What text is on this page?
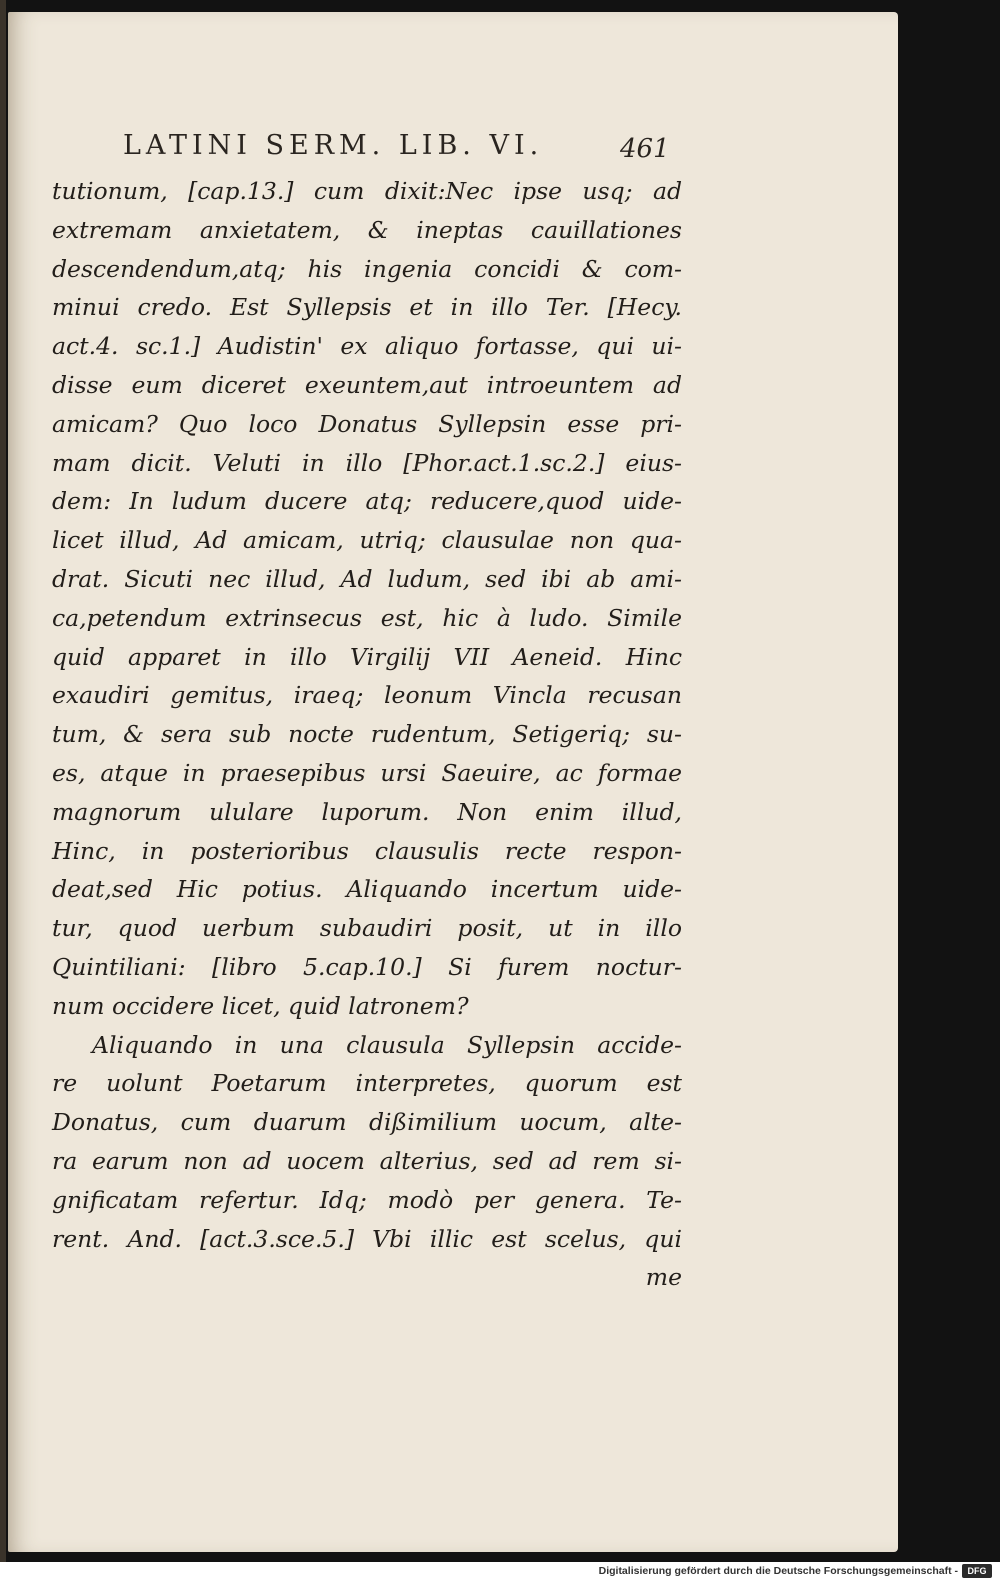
LATINI SERM. LIB. VI.	461
tutionum, [cap.13.] cum dixit:Nec ipse usq; ad
extremam anxietatem, & ineptas cauillationes
descendendum,atq; his ingenia concidi & com-
minui credo. Est Syllepsis et in illo Ter. [Hecy.
act.4. sc.1.] Audistin' ex aliquo fortasse, qui ui-
disse eum diceret exeuntem,aut introeuntem ad
amicam? Quo loco Donatus Syllepsin esse pri-
mam dicit. Veluti in illo [Phor.act.1.sc.2.] eius-
dem: In ludum ducere atq; reducere,quod uide-
licet illud, Ad amicam, utriq; clausulae non qua-
drat. Sicuti nec illud, Ad ludum, sed ibi ab ami-
ca,petendum extrinsecus est, hic à ludo. Simile
quid apparet in illo Virgilij VII Aeneid. Hinc
exaudiri gemitus, iraeq; leonum Vincla recusan
tum, & sera sub nocte rudentum, Setigeriq; su-
es, atque in praesepibus ursi Saeuire, ac formae
magnorum ululare luporum. Non enim illud,
Hinc, in posterioribus clausulis recte respon-
deat,sed Hic potius. Aliquando incertum uide-
tur, quod uerbum subaudiri posit, ut in illo
Quintiliani: [libro 5.cap.10.] Si furem noctur-
num occidere licet, quid latronem?
Aliquando in una clausula Syllepsin accide-
re uolunt Poetarum interpretes, quorum est
Donatus, cum duarum dißimilium uocum, alte-
ra earum non ad uocem alterius, sed ad rem si-
gnificatam refertur. Idq; modò per genera. Te-
rent. And. [act.3.sce.5.] Vbi illic est scelus, qui
me
Digitalisierung gefördert durch die Deutsche Forschungsgemeinschaft -	DFG
